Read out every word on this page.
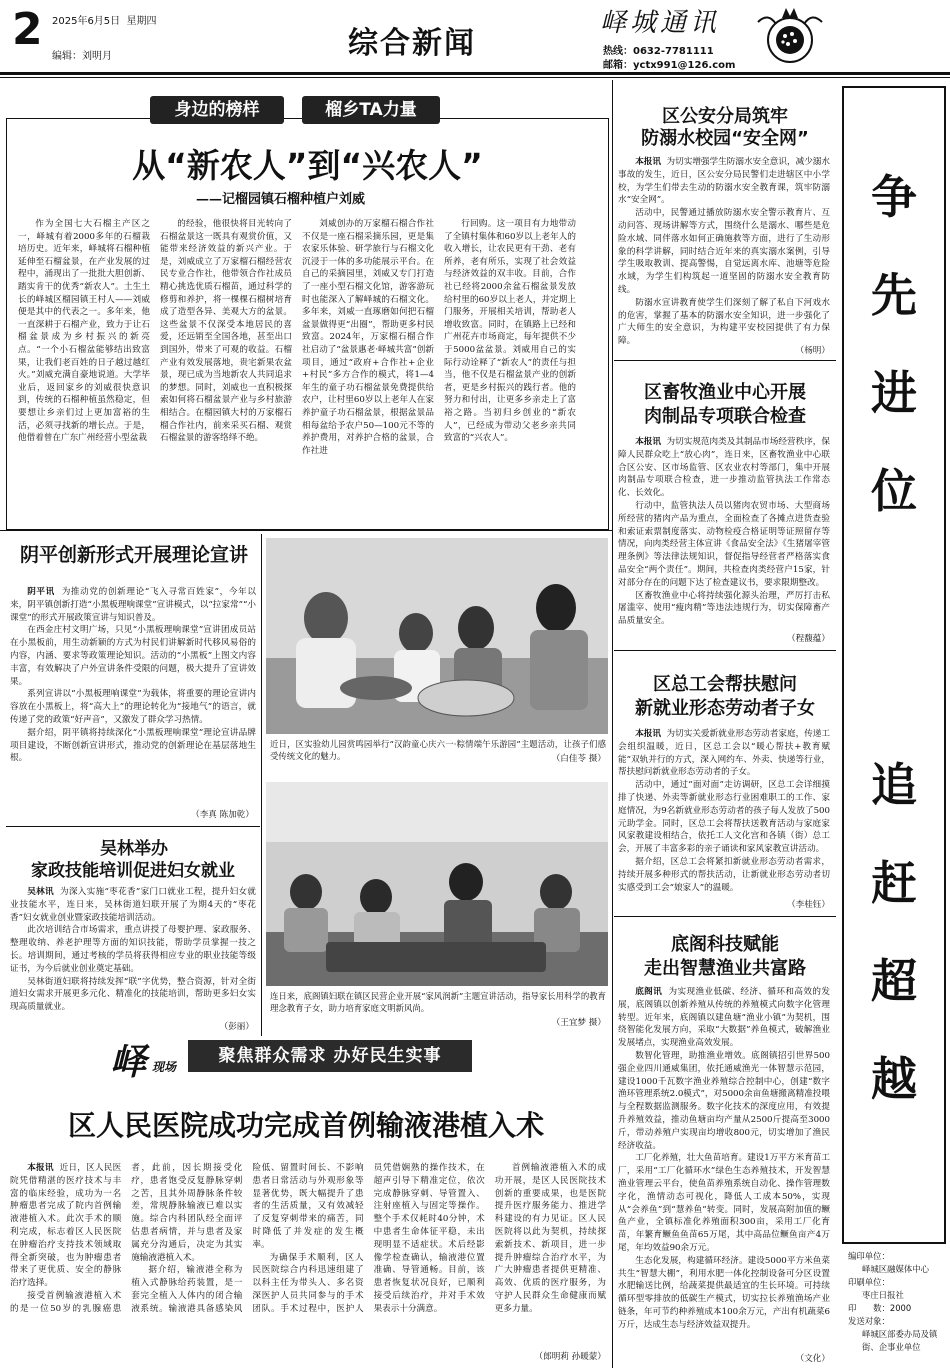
2 2025年6月5日 星期四
编辑：刘明月	综合新闻
峄城通讯
热线：0632-7781111
邮箱：yctx991@126.com
身边的榜样	榴乡TA力量
从“新农人”到“兴农人”
——记榴园镇石榴种植户刘威

作为全国七大石榴主产区之一，峄城有着2000多年的石榴栽培历史。近年来，峄城将石榴种植延伸至石榴盆景，在产业发展的过程中，涌现出了一批批大胆创新、踏实肯干的优秀“新农人”。土生土长的峄城区榴园镇王村人——刘威便是其中的代表之一。多年来，他一直深耕于石榴产业，致力于让石榴盆景成为乡村振兴的新亮点。“一个小石榴盆能够结出致富果，让我们老百姓的日子越过越红火。”刘威充满自豪地说道。大学毕业后，返回家乡的刘威很快意识到，传统的石榴种植虽然稳定，但要想让乡亲们过上更加富裕的生活，必须寻找新的增长点。于是，他借着曾在广东广州经营小型盆栽

的经验，他很快将目光转向了石榴盆景这一既具有观赏价值，又能带来经济效益的新兴产业。于是，刘威成立了万家榴石榴经营农民专业合作社，他带领合作社成员精心挑选优质石榴苗，通过科学的修剪和养护，将一棵棵石榴树培育成了造型各异、美观大方的盆景。这些盆景不仅深受本地居民的喜爱，还远销至全国各地，甚至出口到国外，带来了可观的收益。石榴产业有效发展落地，贵宅新果农盆景，现已成为当地新农人共同追求的梦想。同时，刘威也一直积极探索如何将石榴盆景产业与乡村旅游相结合。在榴园镇大村的万家榴石榴合作社内，前来采买石榴、观赏石榴盆景的游客络绎不绝。

刘威创办的万家榴石榴合作社不仅是一座石榴采摘乐园，更是集农家乐体验、研学旅行与石榴文化沉浸于一体的多功能展示平台。在自己的采摘园里，刘威又专门打造了一座小型石榴文化馆，游客游玩时也能深入了解峄城的石榴文化。多年来，刘威一直琢磨如何把石榴盆景做得更“出圈”，帮助更多村民致富。2024年，万家榴石榴合作社启动了“盆景惠老·峄城共富”创新项目，通过“政府+合作社+企业+村民”多方合作的模式，将1—4年生的童子功石榴盆景免费提供给农户，让村里60岁以上老年人在家养护童子功石榴盆景，根据盆景品相每盆给予农户50—100元不等的养护费用，对养护合格的盆景，合作社进

行回购。这一项目有力地带动了全镇村集体和60岁以上老年人的收入增长，让农民更有干劲、老有所养，老有所乐，实现了社会效益与经济效益的双丰收。目前，合作社已经将2000余盆石榴盆景发放给村里的60岁以上老人，并定期上门服务，开展相关培训，帮助老人增收致富。同时，在镇路上已经和广州花卉市场商定，每年提供不少于5000盆盆景。刘威用自己的实际行动诠释了“新农人”的责任与担当，他不仅是石榴盆景产业的创新者，更是乡村振兴的践行者。他的努力和付出，让更多乡亲走上了富裕之路。当初归乡创业的“新农人”，已经成为带动父老乡亲共同致富的“兴农人”。

阴平创新形式开展理论宣讲

阴平讯 为推动党的创新理论“飞入寻常百姓家”，今年以来，阴平镇创新打造“小黑板理响课堂”宣讲模式，以“拉家常”“小课堂”的形式开展政策宣讲与知识普及。

在西金庄村文明广场，只见“小黑板理响课堂”宣讲团成员站在小黑板前，用生动新颖的方式为村民们讲解新时代移风易俗的内容，内涵、要求等政策理论知识。活动的“小黑板”上图文内容丰富，有效解决了户外宣讲条件受限的问题，极大提升了宣讲效果。

系列宣讲以“小黑板理响课堂”为载体，将重要的理论宣讲内容放在小黑板上，将“高大上”的理论转化为“接地气”的语言，就传递了党的政策“好声音”，又激发了群众学习热情。

据介绍，阴平镇将持续深化“小黑板理响课堂”理论宣讲品牌项目建设，不断创新宣讲形式，推动党的创新理论在基层落地生根。

（李真 陈加乾）
吴林举办
家政技能培训促进妇女就业

吴林讯 为深入实施“枣花香”家门口就业工程，提升妇女就业技能水平，连日来，吴林街道妇联开展了为期4天的“枣花香”妇女就业创业暨家政技能培训活动。

此次培训结合市场需求，重点讲授了母婴护理、家政服务、整理收纳、养老护理等方面的知识技能，帮助学员掌握一技之长。培训期间，通过考核的学员将获得相应专业的职业技能等级证书，为今后就业创业奠定基础。

吴林街道妇联将持续发挥“联”字优势，整合资源，针对全街道妇女需求开展更多元化、精准化的技能培训，帮助更多妇女实现高质量就业。

（彭丽）
近日，区实验幼儿园赏鸣园举行“汉韵童心庆六一·粽情端午乐游园”主题活动，让孩子们感受传统文化的魅力。	（白佳苓 摄）
连日来，底阁镇妇联在镇区民营企业开展“家风润新”主题宣讲活动，指导家长用科学的教育理念教育子女，助力培育家庭文明新风尚。
（王宜梦 摄）
峄 现场
聚焦群众需求 办好民生实事
区人民医院成功完成首例输液港植入术

本报讯 近日，区人民医院凭借精湛的医疗技术与丰富的临床经验，成功为一名肿瘤患者完成了院内首例输液港植入术。此次手术的顺利完成，标志着区人民医院在肿瘤治疗支持技术领域取得全新突破，也为肿瘤患者带来了更优质、安全的静脉治疗选择。

接受首例输液港植入术的是一位50岁的乳腺癌患者，此前，因长期接受化疗，患者饱受反复静脉穿刺之苦，且其外周静脉条件较差，常规静脉输液已难以实施。综合内科团队经全面评估患者病情，并与患者及家属充分沟通后，决定为其实施输液港植入术。

据介绍，输液港全称为植入式静脉给药装置，是一套完全植入人体内的闭合输液系统。输液港具备感染风险低、留置时间长、不影响患者日常活动与外观形象等显著优势，既大幅提升了患者的生活质量，又有效减轻了反复穿刺带来的痛苦，同时降低了并发症的发生概率。

为确保手术顺利，区人民医院综合内科迅速组建了以科主任为带头人、多名资深医护人员共同参与的手术团队。手术过程中，医护人员凭借娴熟的操作技术，在超声引导下精准定位，依次完成静脉穿刺、导管置入、注射座植入与固定等操作。整个手术仅耗时40分钟，术中患者生命体征平稳，未出现明显不适症状。术后经影像学检查确认，输液港位置准确、导管通畅。目前，该患者恢复状况良好，已顺利接受后续治疗，并对手术效果表示十分满意。

首例输液港植入术的成功开展，是区人民医院技术创新的重要成果，也是医院提升医疗服务能力、推进学科建设的有力见证。区人民医院将以此为契机，持续探索新技术、新项目，进一步提升肿瘤综合治疗水平，为广大肿瘤患者提供更精准、高效、优质的医疗服务，为守护人民群众生命健康而赋更多力量。

（郎明莉 孙暖蒙）
区公安分局筑牢
防溺水校园“安全网”

本报讯 为切实增强学生防溺水安全意识，减少溺水事故的发生，近日，区公安分局民警们走进辖区中小学校，为学生们带去生动的防溺水安全教育课，筑牢防溺水“安全网”。

活动中，民警通过播放防溺水安全警示教育片、互动问答、现场讲解等方式，围绕什么是溺水、哪些是危险水域、同伴落水如何正确施救等方面，进行了生动形象的科学讲解，同时结合近年来的真实溺水案例，引导学生吸取教训、提高警惕，自觉远离水库、池塘等危险水域，为学生们构筑起一道坚固的防溺水安全教育防线。

防溺水宣讲教育使学生们深刻了解了私自下河戏水的危害，掌握了基本的防溺水安全知识，进一步强化了广大师生的安全意识，为构建平安校园提供了有力保障。

（杨明）
区畜牧渔业中心开展
肉制品专项联合检查

本报讯 为切实规范肉类及其制品市场经营秩序，保障人民群众吃上“放心肉”，连日来，区畜牧渔业中心联合区公安、区市场监管、区农业农村等部门，集中开展肉制品专项联合检查，进一步推动监管执法工作常态化、长效化。

行动中，监管执法人员以猪肉农贸市场、大型商场所经营的猪肉产品为重点，全面检查了各摊点进货查验和索证索票制度落实、动物检疫合格证明等证照留存等情况，向肉类经营主体宣讲《食品安全法》《生猪屠宰管理条例》等法律法规知识，督促指导经营者严格落实食品安全“两个责任”。期间，共检查肉类经营户15家，针对部分存在的问题下达了检查建议书，要求限期整改。

区畜牧渔业中心将持续强化源头治理，严厉打击私屠滥宰、使用“瘦肉精”等违法违规行为，切实保障畜产品质量安全。

（程馥蕴）
区总工会帮扶慰问
新就业形态劳动者子女

本报讯 为切实关爱新就业形态劳动者家庭，传递工会组织温暖，近日，区总工会以“暖心帮扶+教育赋能”双轨并行的方式，深入网约车、外卖、快递等行业，帮扶慰问新就业形态劳动者的子女。

活动中，通过“面对面”走访调研，区总工会详细摸排了快递、外卖等新就业形态行业困难职工的工作、家庭情况，为9名新就业形态劳动者的孩子每人发放了500元助学金。同时，区总工会将帮扶送教育活动与家庭家风家教建设相结合，依托工人文化宫和各镇（街）总工会，开展了丰富多彩的亲子诵读和家风家教宣讲活动。

据介绍，区总工会将紧扣新就业形态劳动者需求，持续开展多种形式的帮扶活动，让新就业形态劳动者切实感受到工会“娘家人”的温暖。

（李桂钰）
底阁科技赋能
走出智慧渔业共富路

底阁讯 为实现渔业低碳、经济、循环和高效的发展，底阁镇以创新养殖从传统的养殖模式向数字化管理转型。近年来，底阁镇以建鱼塘“渔业小镇”为契机，围绕智能化发展方向，采取“大数据”养鱼模式，破解渔业发展堵点，实现渔业高效发展。

数智化管理，助推渔业增效。底阁镇招引世界500强企业四川通威集团，依托通威渔光一体智慧示范园，建设1000千瓦数字渔业养殖综合控制中心，创建“数字渔环管理系统2.0模式”，对5000余亩鱼塘搬离精准投喂与全程数据监测服务。数字化技术的深度应用，有效提升养殖效益，推动鱼塘亩均产量从2500斤提高至3000斤，带动养殖户实现亩均增收800元，切实增加了渔民经济收益。

工厂化养殖，壮大鱼苗培育。建设1万平方米育苗工厂，采用“工厂化循环水”绿色生态养殖技术，开发智慧渔业管理云平台，使鱼苗养殖系统自动化、操作管理数字化，渔情动态可视化，降低人工成本50%，实现从“会养鱼”到“慧养鱼”转变。同时，发展高附加值的鳜鱼产业，全镇标准化养殖面积300亩，采用工厂化育苗，年繁育鳜鱼鱼苗65万尾，其中高品位鳜鱼亩产4万尾，年均效益90余万元。

生态化发展，构建循环经济。建设5000平方米鱼菜共生“智慧大棚”，利用水肥一体化控制设备可分区设置水肥输送比例，给蔬菜提供最适宜的生长环境。可持续循环型零排放的低碳生产模式，切实拉长养殖渔场产业链条，年可节约种养殖成本100余万元，产出有机蔬菜6万斤，达成生态与经济效益双提升。

（文化）
争
先
进
位
追
赶
超
越
编印单位：
峄城区融媒体中心
印刷单位：
枣庄日报社
印　　数：2000
发送对象：
峄城区部委办局及镇街、企事业单位
